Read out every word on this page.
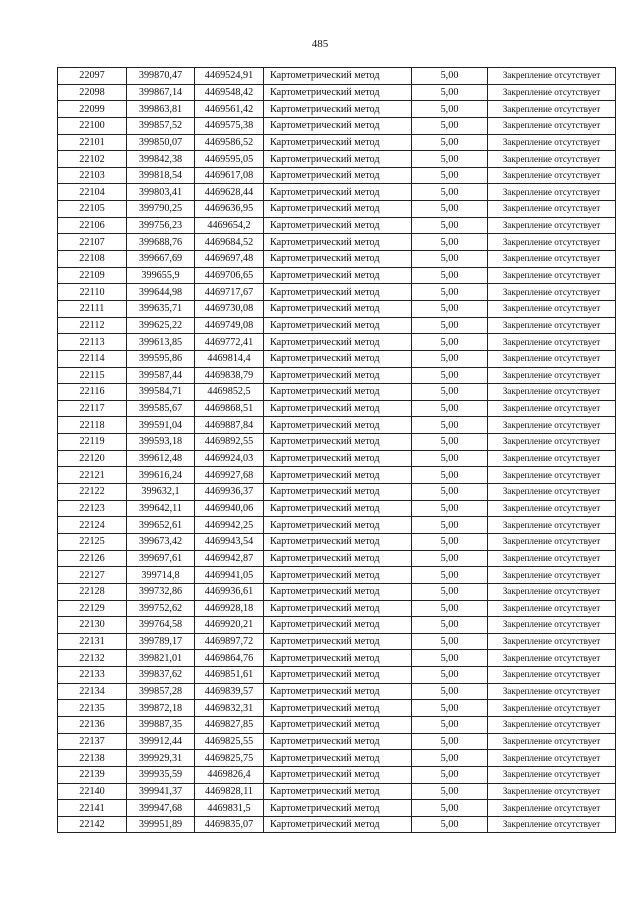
485
22097	399870,47	4469524,91	Картометрический метод	5,00	Закрепление отсутствует
22098	399867,14	4469548,42	Картометрический метод	5,00	Закрепление отсутствует
22099	399863,81	4469561,42	Картометрический метод	5,00	Закрепление отсутствует
22100	399857,52	4469575,38	Картометрический метод	5,00	Закрепление отсутствует
22101	399850,07	4469586,52	Картометрический метод	5,00	Закрепление отсутствует
22102	399842,38	4469595,05	Картометрический метод	5,00	Закрепление отсутствует
22103	399818,54	4469617,08	Картометрический метод	5,00	Закрепление отсутствует
22104	399803,41	4469628,44	Картометрический метод	5,00	Закрепление отсутствует
22105	399790,25	4469636,95	Картометрический метод	5,00	Закрепление отсутствует
22106	399756,23	4469654,2	Картометрический метод	5,00	Закрепление отсутствует
22107	399688,76	4469684,52	Картометрический метод	5,00	Закрепление отсутствует
22108	399667,69	4469697,48	Картометрический метод	5,00	Закрепление отсутствует
22109	399655,9	4469706,65	Картометрический метод	5,00	Закрепление отсутствует
22110	399644,98	4469717,67	Картометрический метод	5,00	Закрепление отсутствует
22111	399635,71	4469730,08	Картометрический метод	5,00	Закрепление отсутствует
22112	399625,22	4469749,08	Картометрический метод	5,00	Закрепление отсутствует
22113	399613,85	4469772,41	Картометрический метод	5,00	Закрепление отсутствует
22114	399595,86	4469814,4	Картометрический метод	5,00	Закрепление отсутствует
22115	399587,44	4469838,79	Картометрический метод	5,00	Закрепление отсутствует
22116	399584,71	4469852,5	Картометрический метод	5,00	Закрепление отсутствует
22117	399585,67	4469868,51	Картометрический метод	5,00	Закрепление отсутствует
22118	399591,04	4469887,84	Картометрический метод	5,00	Закрепление отсутствует
22119	399593,18	4469892,55	Картометрический метод	5,00	Закрепление отсутствует
22120	399612,48	4469924,03	Картометрический метод	5,00	Закрепление отсутствует
22121	399616,24	4469927,68	Картометрический метод	5,00	Закрепление отсутствует
22122	399632,1	4469936,37	Картометрический метод	5,00	Закрепление отсутствует
22123	399642,11	4469940,06	Картометрический метод	5,00	Закрепление отсутствует
22124	399652,61	4469942,25	Картометрический метод	5,00	Закрепление отсутствует
22125	399673,42	4469943,54	Картометрический метод	5,00	Закрепление отсутствует
22126	399697,61	4469942,87	Картометрический метод	5,00	Закрепление отсутствует
22127	399714,8	4469941,05	Картометрический метод	5,00	Закрепление отсутствует
22128	399732,86	4469936,61	Картометрический метод	5,00	Закрепление отсутствует
22129	399752,62	4469928,18	Картометрический метод	5,00	Закрепление отсутствует
22130	399764,58	4469920,21	Картометрический метод	5,00	Закрепление отсутствует
22131	399789,17	4469897,72	Картометрический метод	5,00	Закрепление отсутствует
22132	399821,01	4469864,76	Картометрический метод	5,00	Закрепление отсутствует
22133	399837,62	4469851,61	Картометрический метод	5,00	Закрепление отсутствует
22134	399857,28	4469839,57	Картометрический метод	5,00	Закрепление отсутствует
22135	399872,18	4469832,31	Картометрический метод	5,00	Закрепление отсутствует
22136	399887,35	4469827,85	Картометрический метод	5,00	Закрепление отсутствует
22137	399912,44	4469825,55	Картометрический метод	5,00	Закрепление отсутствует
22138	399929,31	4469825,75	Картометрический метод	5,00	Закрепление отсутствует
22139	399935,59	4469826,4	Картометрический метод	5,00	Закрепление отсутствует
22140	399941,37	4469828,11	Картометрический метод	5,00	Закрепление отсутствует
22141	399947,68	4469831,5	Картометрический метод	5,00	Закрепление отсутствует
22142	399951,89	4469835,07	Картометрический метод	5,00	Закрепление отсутствует
